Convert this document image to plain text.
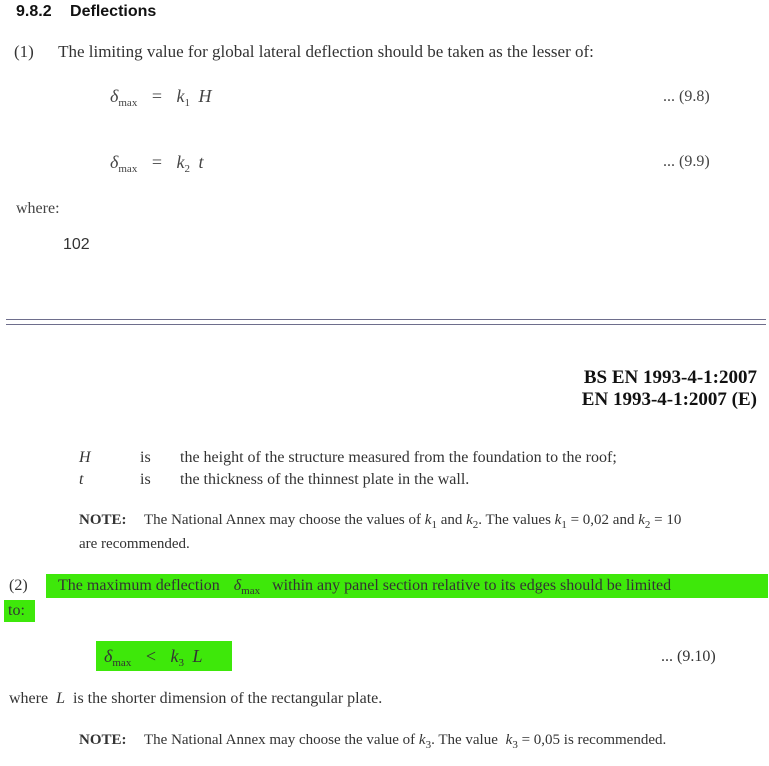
9.8.2 Deflections
(1) The limiting value for global lateral deflection should be taken as the lesser of:
$\delta_{max} = k_1$ H	... (9.8)
$\delta_{max} = k_2$ t	... (9.9)
where:
102
BS EN 1993-4-1:2007
EN 1993-4-1:2007 (E)
H	is the height of the structure measured from the foundation to the roof;
t	is the thickness of the thinnest plate in the wall.
NOTE: The National Annex may choose the values of $k_1$ and $k_2$. The values $k_1 = 0,02$ and $k_2 = 10$
are recommended.
(2) The maximum deflection $\delta_{max}$ within any panel section relative to its edges should be limited
to:
$\delta_{max} < k_3$ L	... (9.10)
where L is the shorter dimension of the rectangular plate.
NOTE: The National Annex may choose the value of $k_3$. The value $k_3 = 0,05$ is recommended.
